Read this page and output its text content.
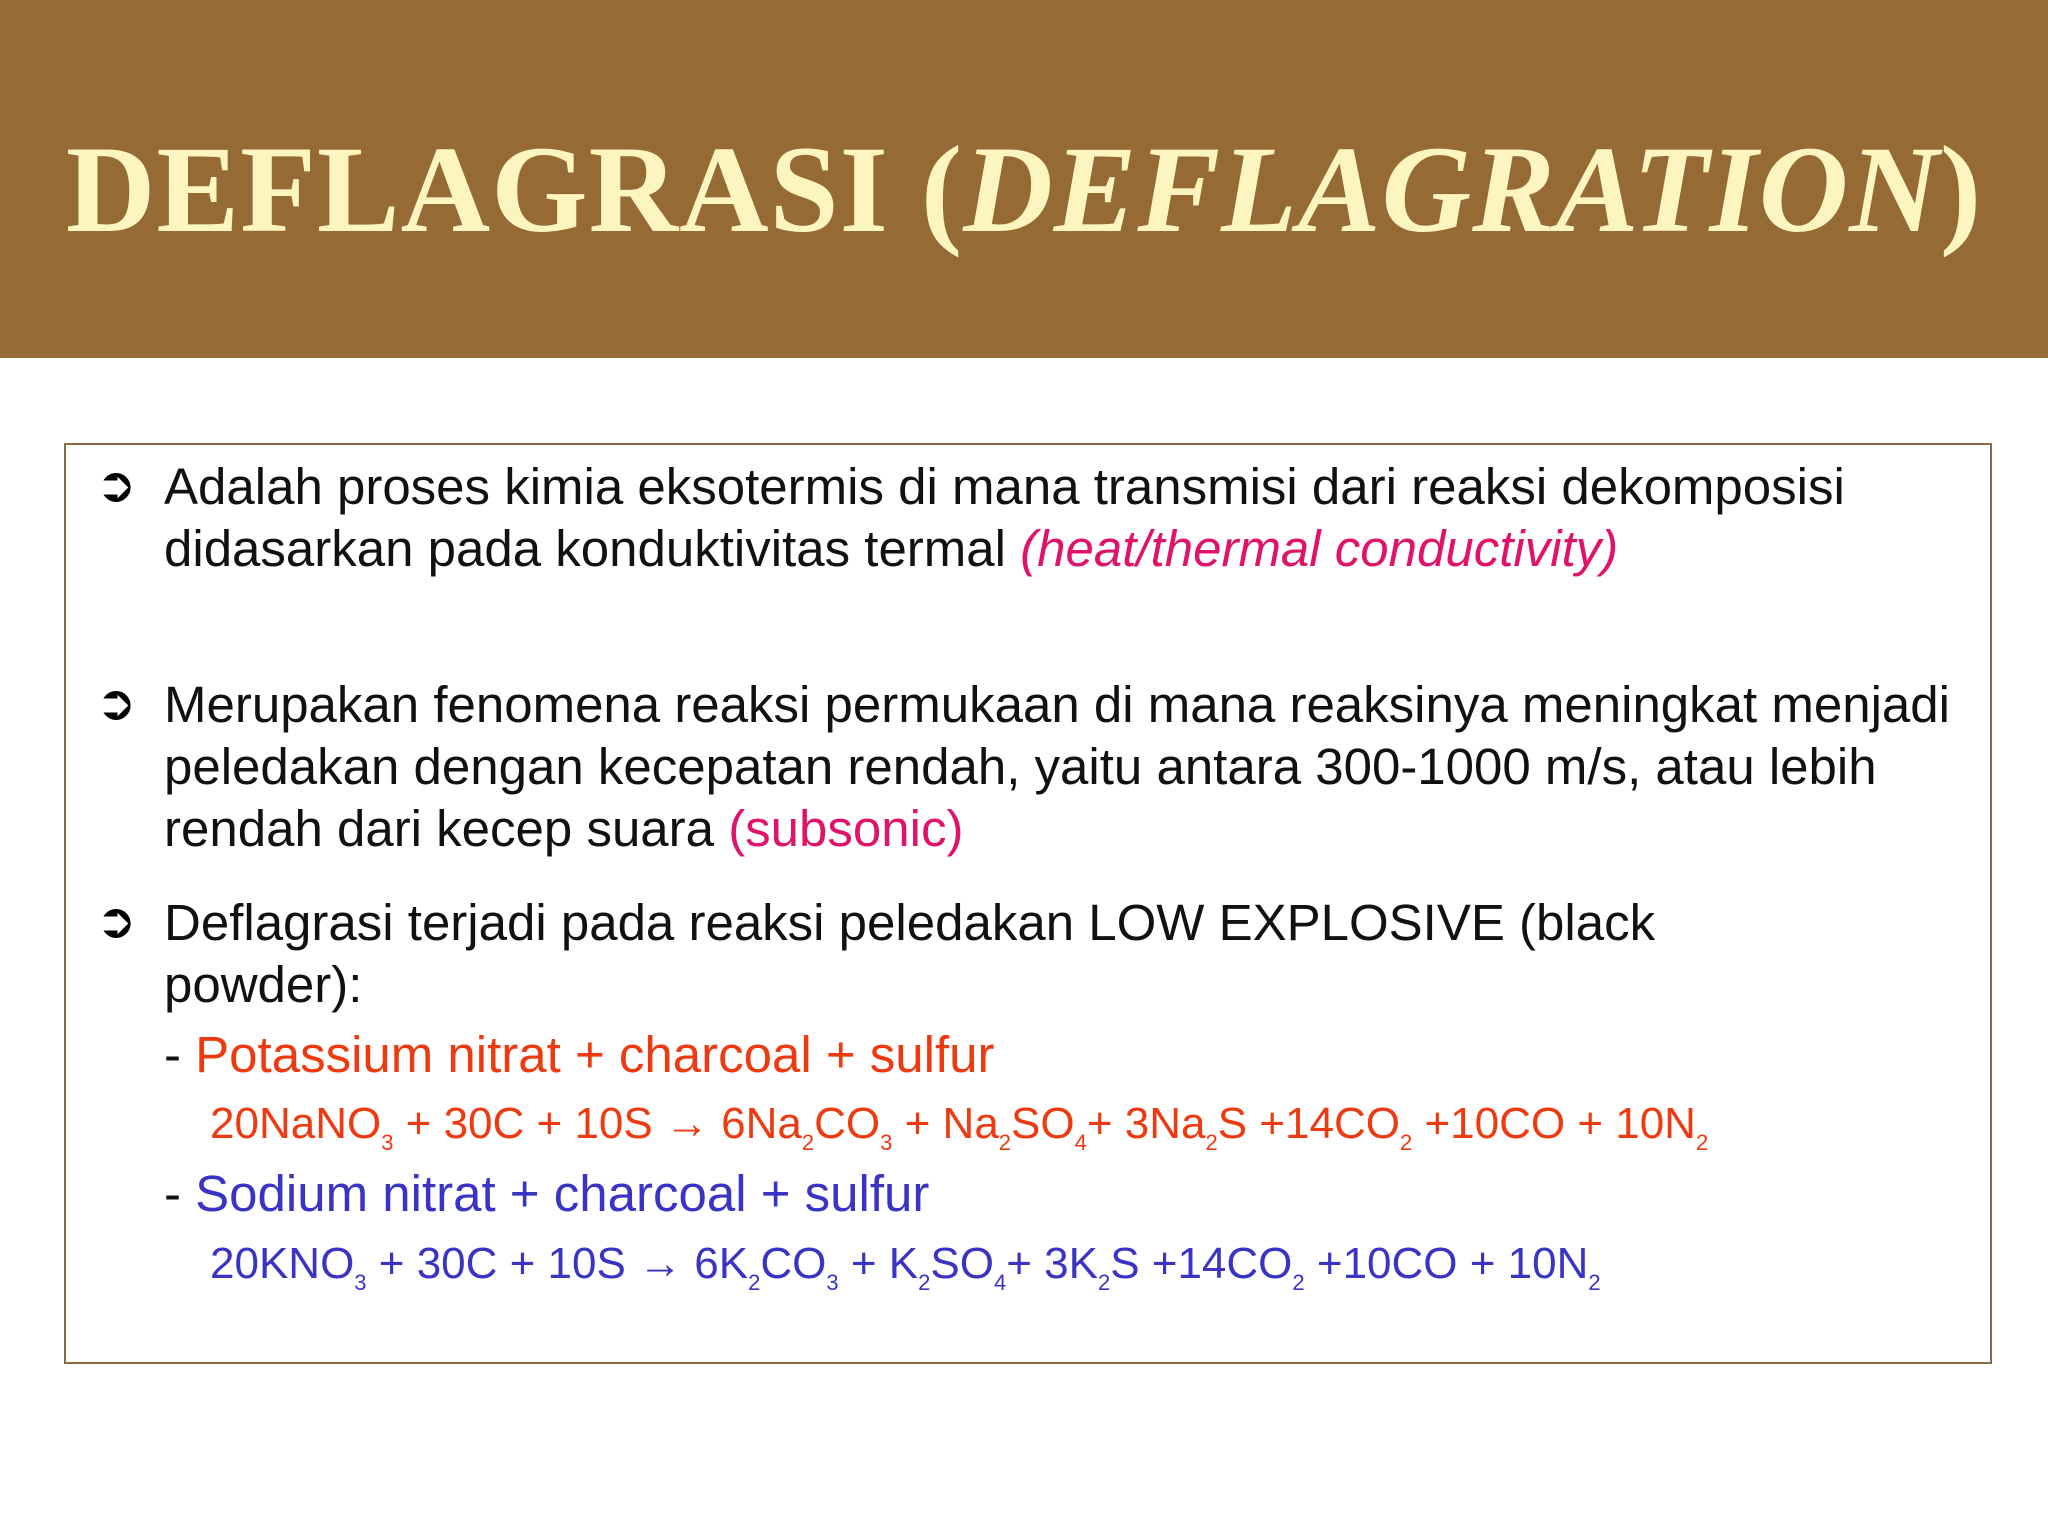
DEFLAGRASI (DEFLAGRATION)
➲ Adalah proses kimia eksotermis di mana transmisi dari reaksi dekomposisi didasarkan pada konduktivitas termal (heat/thermal conductivity)
➲ Merupakan fenomena reaksi permukaan di mana reaksinya meningkat menjadi peledakan dengan kecepatan rendah, yaitu antara 300-1000 m/s, atau lebih rendah dari kecep suara (subsonic)
➲ Deflagrasi terjadi pada reaksi peledakan LOW EXPLOSIVE (black powder):
- Potassium nitrat + charcoal + sulfur
20NaNO$_3$ + $30C + 10S \to 6Na_2CO_3 + Na_2SO_4+ 3Na_2S +14CO_2 +10CO + 10N_2$
- Sodium nitrat + charcoal + sulfur
$20KNO_3 + 30C + 10S \to 6K_2CO_3 + K_2SO_4+ 3K_2S +14CO_2 +10CO + 10N_2$
